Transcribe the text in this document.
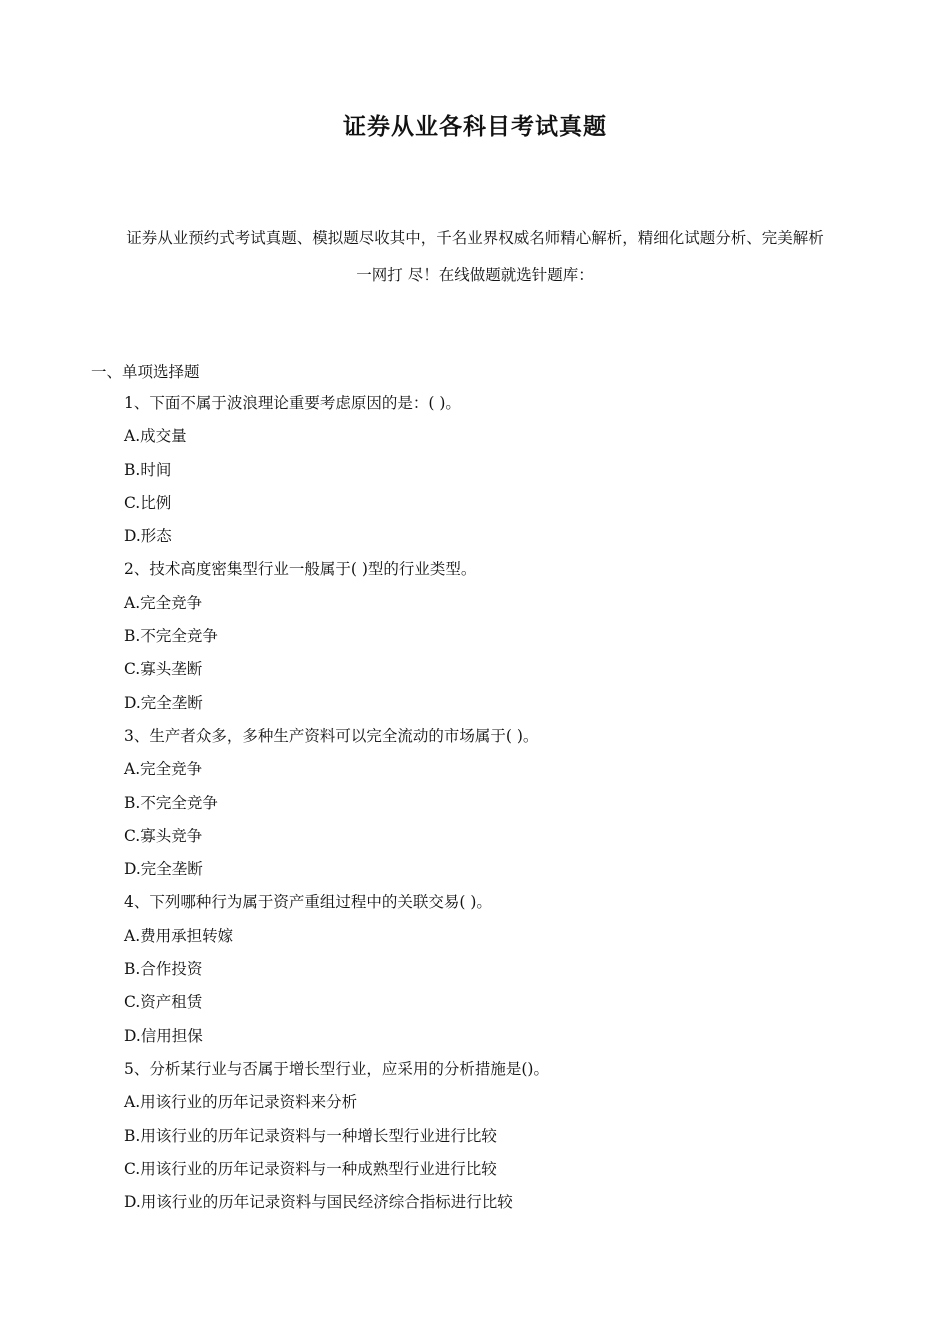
证券从业各科目考试真题
证券从业预约式考试真题、模拟题尽收其中，千名业界权威名师精心解析，精细化试题分析、完美解析
一网打 尽！在线做题就选针题库：
一、单项选择题
1、下面不属于波浪理论重要考虑原因的是：( )。
A.成交量
B.时间
C.比例
D.形态
2、技术高度密集型行业一般属于( )型的行业类型。
A.完全竞争
B.不完全竞争
C.寡头垄断
D.完全垄断
3、生产者众多，多种生产资料可以完全流动的市场属于( )。
A.完全竞争
B.不完全竞争
C.寡头竞争
D.完全垄断
4、下列哪种行为属于资产重组过程中的关联交易( )。
A.费用承担转嫁
B.合作投资
C.资产租赁
D.信用担保
5、分析某行业与否属于增长型行业，应采用的分析措施是()。
A.用该行业的历年记录资料来分析
B.用该行业的历年记录资料与一种增长型行业进行比较
C.用该行业的历年记录资料与一种成熟型行业进行比较
D.用该行业的历年记录资料与国民经济综合指标进行比较
